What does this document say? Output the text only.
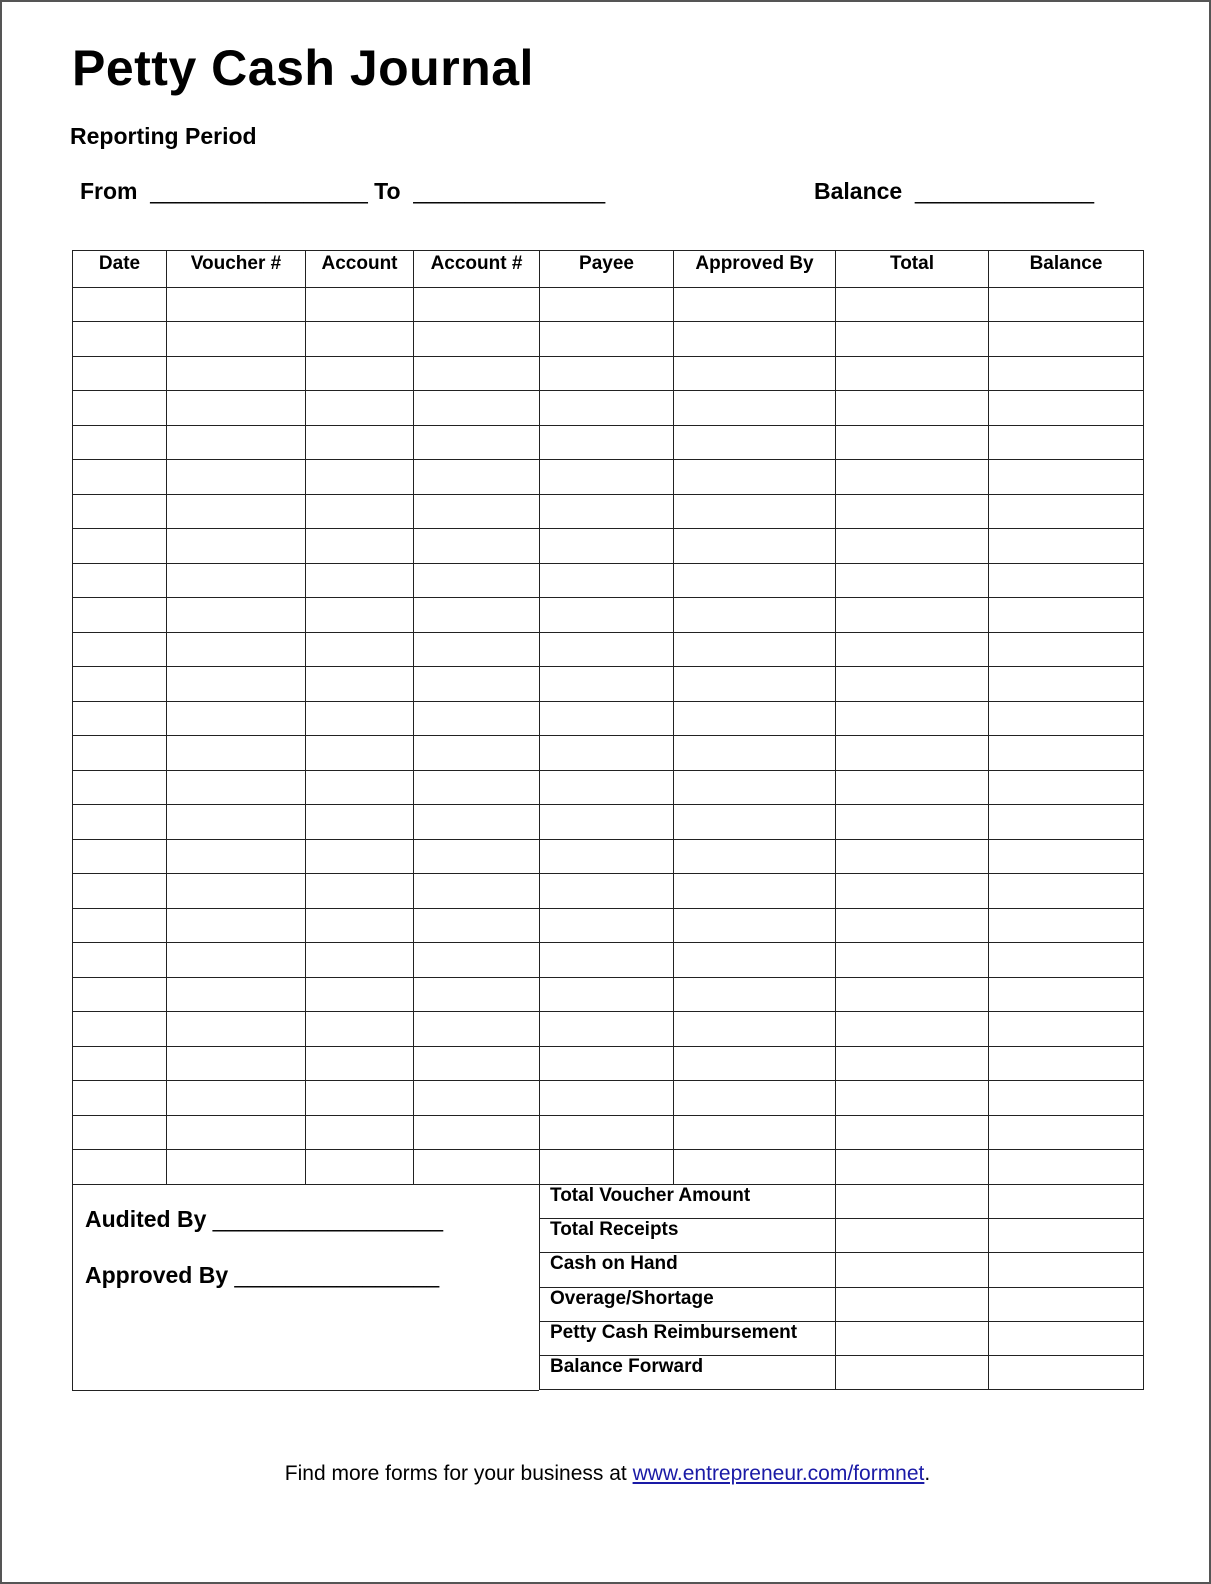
Petty Cash Journal
Reporting Period
From _________________ To _______________	Balance ______________
Date	Voucher #	Account	Account #	Payee	Approved By	Total	Balance

Audited By __________________
Approved By ________________
Total Voucher Amount		
Total Receipts		
Cash on Hand		
Overage/Shortage		
Petty Cash Reimbursement		
Balance Forward		
Find more forms for your business at www.entrepreneur.com/formnet.
